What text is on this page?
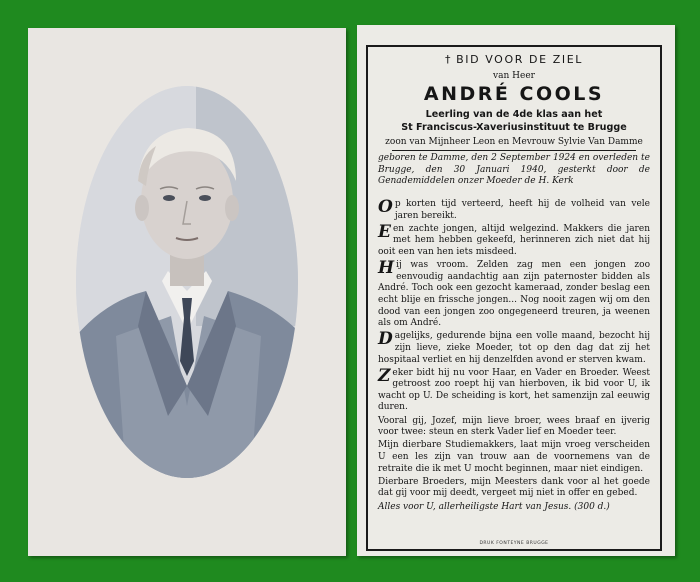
† BID VOOR DE ZIEL
van Heer
ANDRÉ COOLS
Leerling van de 4de klas aan het
St Franciscus-Xaveriusinstituut te Brugge
zoon van Mijnheer Leon en Mevrouw Sylvie Van Damme
geboren te Damme, den 2 September 1924 en overleden te Brugge, den 30 Januari 1940, gesterkt door de Genademiddelen onzer Moeder de H. Kerk

Op korten tijd verteerd, heeft hij de volheid van vele jaren bereikt.

Een zachte jongen, altijd welgezind. Makkers die jaren met hem hebben gekeefd, herinneren zich niet dat hij ooit een van hen iets misdeed.

Hij was vroom. Zelden zag men een jongen zoo eenvoudig aandachtig aan zijn paternoster bidden als André. Toch ook een gezocht kameraad, zonder beslag een echt blije en frissche jongen... Nog nooit zagen wij om den dood van een jongen zoo ongegeneerd treuren, ja weenen als om André.

Dagelijks, gedurende bijna een volle maand, bezocht hij zijn lieve, zieke Moeder, tot op den dag dat zij het hospitaal verliet en hij denzelfden avond er sterven kwam.

Zeker bidt hij nu voor Haar, en Vader en Broeder. Weest getroost zoo roept hij van hierboven, ik bid voor U, ik wacht op U. De scheiding is kort, het samenzijn zal eeuwig duren.

Vooral gij, Jozef, mijn lieve broer, wees braaf en ijverig voor twee: steun en sterk Vader lief en Moeder teer.

Mijn dierbare Studiemakkers, laat mijn vroeg verscheiden U een les zijn van trouw aan de voornemens van de retraite die ik met U mocht beginnen, maar niet eindigen.

Dierbare Broeders, mijn Meesters dank voor al het goede dat gij voor mij deedt, vergeet mij niet in offer en gebed.

Alles voor U, allerheiligste Hart van Jesus. (300 d.)

DRUK FONTEYNE BRUGGE
